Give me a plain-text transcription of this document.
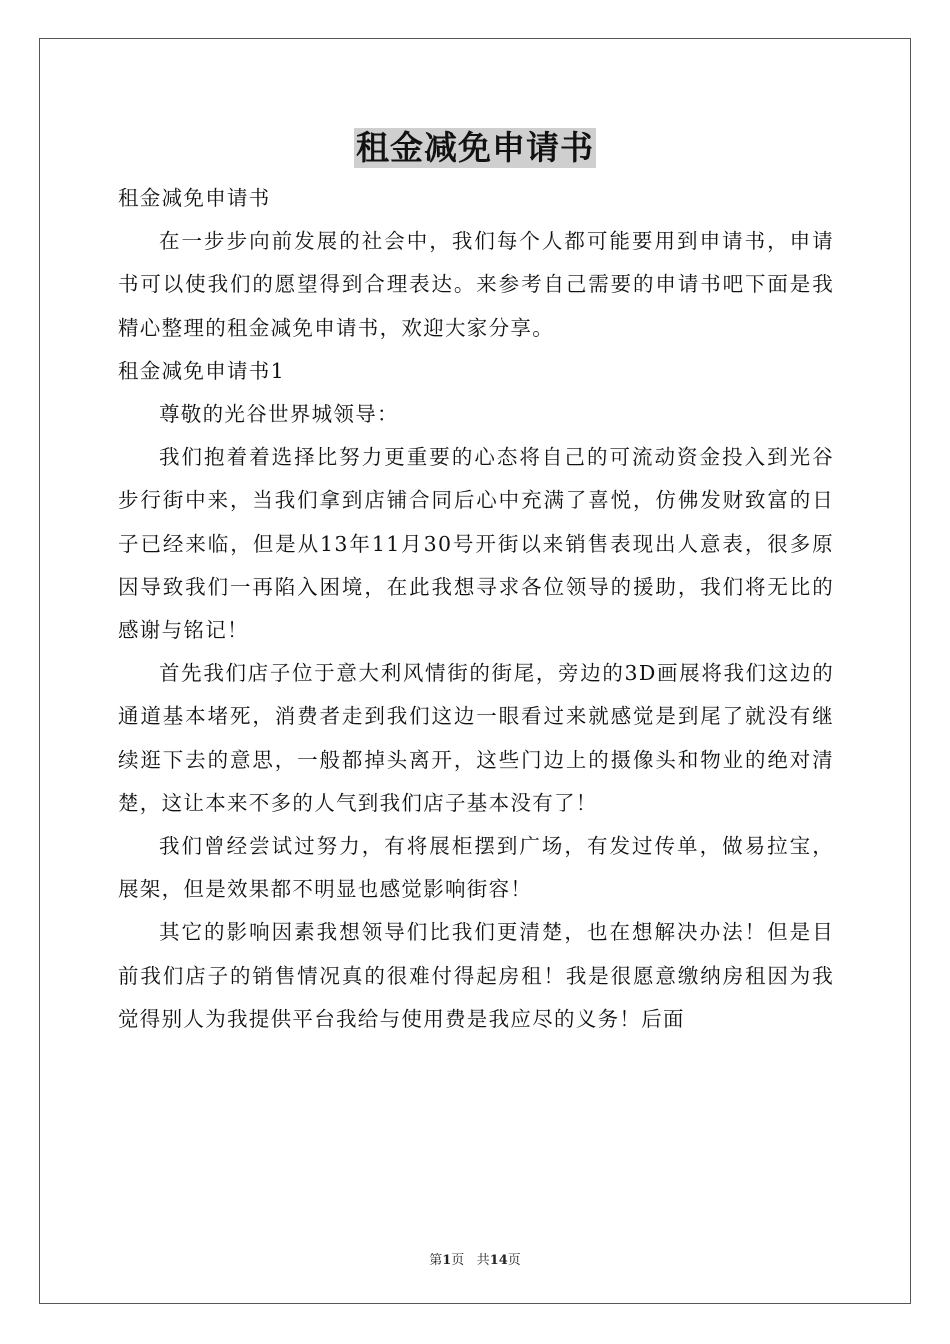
租金减免申请书
租金减免申请书

在一步步向前发展的社会中，我们每个人都可能要用到申请书，申请书可以使我们的愿望得到合理表达。来参考自己需要的申请书吧下面是我精心整理的租金减免申请书，欢迎大家分享。

租金减免申请书1

尊敬的光谷世界城领导：

我们抱着着选择比努力更重要的心态将自己的可流动资金投入到光谷步行街中来，当我们拿到店铺合同后心中充满了喜悦，仿佛发财致富的日子已经来临，但是从13年11月30号开街以来销售表现出人意表，很多原因导致我们一再陷入困境，在此我想寻求各位领导的援助，我们将无比的感谢与铭记！

首先我们店子位于意大利风情街的街尾，旁边的3D画展将我们这边的通道基本堵死，消费者走到我们这边一眼看过来就感觉是到尾了就没有继续逛下去的意思，一般都掉头离开，这些门边上的摄像头和物业的绝对清楚，这让本来不多的人气到我们店子基本没有了！

我们曾经尝试过努力，有将展柜摆到广场，有发过传单，做易拉宝，展架，但是效果都不明显也感觉影响街容！

其它的影响因素我想领导们比我们更清楚，也在想解决办法！但是目前我们店子的销售情况真的很难付得起房租！我是很愿意缴纳房租因为我觉得别人为我提供平台我给与使用费是我应尽的义务！后面

第1页 共14页
